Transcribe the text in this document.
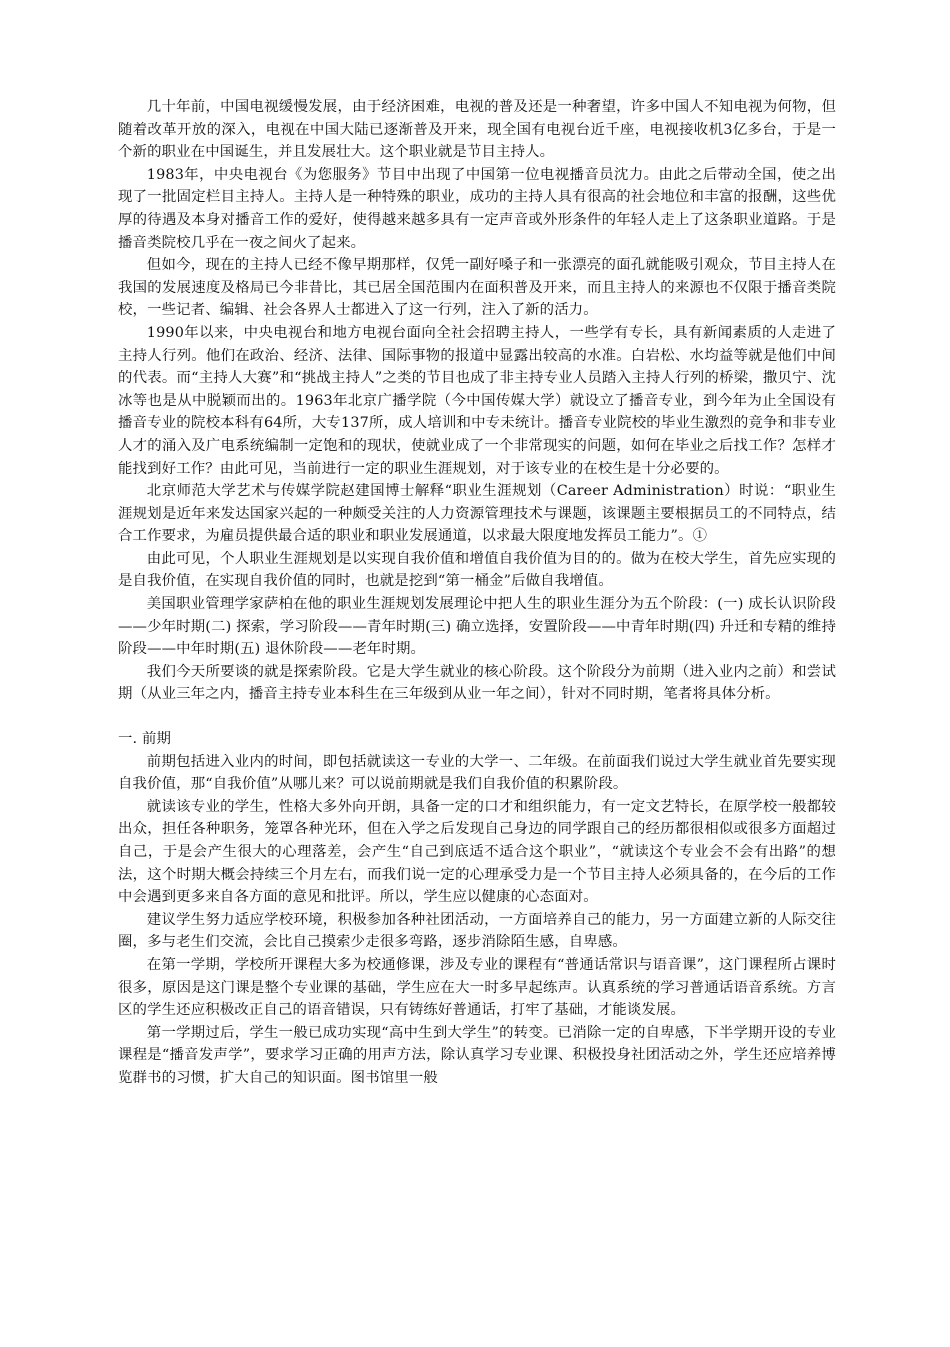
几十年前，中国电视缓慢发展，由于经济困难，电视的普及还是一种奢望，许多中国人不知电视为何物，但随着改革开放的深入，电视在中国大陆已逐渐普及开来，现全国有电视台近千座，电视接收机3亿多台，于是一个新的职业在中国诞生，并且发展壮大。这个职业就是节目主持人。

1983年，中央电视台《为您服务》节目中出现了中国第一位电视播音员沈力。由此之后带动全国，使之出现了一批固定栏目主持人。主持人是一种特殊的职业，成功的主持人具有很高的社会地位和丰富的报酬，这些优厚的待遇及本身对播音工作的爱好，使得越来越多具有一定声音或外形条件的年轻人走上了这条职业道路。于是播音类院校几乎在一夜之间火了起来。

但如今，现在的主持人已经不像早期那样，仅凭一副好嗓子和一张漂亮的面孔就能吸引观众，节目主持人在我国的发展速度及格局已今非昔比，其已居全国范围内在面积普及开来，而且主持人的来源也不仅限于播音类院校，一些记者、编辑、社会各界人士都进入了这一行列，注入了新的活力。

1990年以来，中央电视台和地方电视台面向全社会招聘主持人，一些学有专长，具有新闻素质的人走进了主持人行列。他们在政治、经济、法律、国际事物的报道中显露出较高的水准。白岩松、水均益等就是他们中间的代表。而“主持人大赛”和“挑战主持人”之类的节目也成了非主持专业人员踏入主持人行列的桥梁，撒贝宁、沈冰等也是从中脱颖而出的。1963年北京广播学院（今中国传媒大学）就设立了播音专业，到今年为止全国设有播音专业的院校本科有64所，大专137所，成人培训和中专未统计。播音专业院校的毕业生激烈的竞争和非专业人才的涌入及广电系统编制一定饱和的现状，使就业成了一个非常现实的问题，如何在毕业之后找工作？怎样才能找到好工作？由此可见，当前进行一定的职业生涯规划，对于该专业的在校生是十分必要的。

北京师范大学艺术与传媒学院赵建国博士解释“职业生涯规划（Career Administration）时说：“职业生涯规划是近年来发达国家兴起的一种颇受关注的人力资源管理技术与课题，该课题主要根据员工的不同特点，结合工作要求，为雇员提供最合适的职业和职业发展通道，以求最大限度地发挥员工能力”。①

由此可见，个人职业生涯规划是以实现自我价值和增值自我价值为目的的。做为在校大学生，首先应实现的是自我价值，在实现自我价值的同时，也就是挖到“第一桶金”后做自我增值。

美国职业管理学家萨柏在他的职业生涯规划发展理论中把人生的职业生涯分为五个阶段：(一) 成长认识阶段——少年时期(二) 探索，学习阶段——青年时期(三) 确立选择，安置阶段——中青年时期(四) 升迁和专精的维持阶段——中年时期(五) 退休阶段——老年时期。

我们今天所要谈的就是探索阶段。它是大学生就业的核心阶段。这个阶段分为前期（进入业内之前）和尝试期（从业三年之内，播音主持专业本科生在三年级到从业一年之间），针对不同时期，笔者将具体分析。

一. 前期

前期包括进入业内的时间，即包括就读这一专业的大学一、二年级。在前面我们说过大学生就业首先要实现自我价值，那“自我价值”从哪儿来？可以说前期就是我们自我价值的积累阶段。

就读该专业的学生，性格大多外向开朗，具备一定的口才和组织能力，有一定文艺特长，在原学校一般都较出众，担任各种职务，笼罩各种光环，但在入学之后发现自己身边的同学跟自己的经历都很相似或很多方面超过自己，于是会产生很大的心理落差，会产生“自己到底适不适合这个职业”，“就读这个专业会不会有出路”的想法，这个时期大概会持续三个月左右，而我们说一定的心理承受力是一个节目主持人必须具备的，在今后的工作中会遇到更多来自各方面的意见和批评。所以，学生应以健康的心态面对。

建议学生努力适应学校环境，积极参加各种社团活动，一方面培养自己的能力，另一方面建立新的人际交往圈，多与老生们交流，会比自己摸索少走很多弯路，逐步消除陌生感，自卑感。

在第一学期，学校所开课程大多为校通修课，涉及专业的课程有“普通话常识与语音课”，这门课程所占课时很多，原因是这门课是整个专业课的基础，学生应在大一时多早起练声。认真系统的学习普通话语音系统。方言区的学生还应积极改正自己的语音错误，只有铸练好普通话，打牢了基础，才能谈发展。

第一学期过后，学生一般已成功实现“高中生到大学生”的转变。已消除一定的自卑感，下半学期开设的专业课程是“播音发声学”，要求学习正确的用声方法，除认真学习专业课、积极投身社团活动之外，学生还应培养博览群书的习惯，扩大自己的知识面。图书馆里一般
